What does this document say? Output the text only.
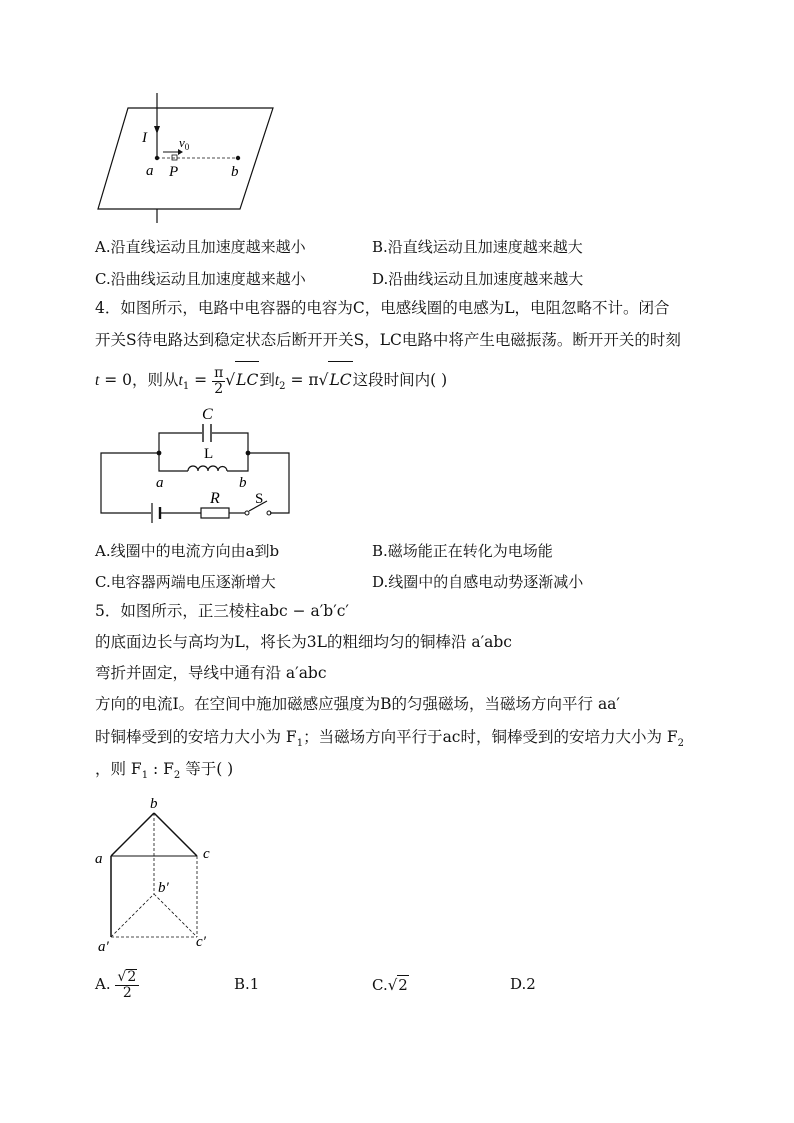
I $v_0$
a P	b
A.沿直线运动且加速度越来越小	B.沿直线运动且加速度越来越大
C.沿曲线运动且加速度越来越小	D.沿曲线运动且加速度越来越大
4．如图所示，电路中电容器的电容为C，电感线圈的电感为L，电阻忽略不计。闭合
开关S待电路达到稳定状态后断开开关S，LC电路中将产生电磁振荡。断开开关的时刻
t = 0，则从$t_1 = \frac{\pi}{2} √LC$到$t_2 = \pi√LC$这段时间内( )
C
L
a	b
R S
A.线圈中的电流方向由a到b	B.磁场能正在转化为电场能
C.电容器两端电压逐渐增大	D.线圈中的自感电动势逐渐减小
5．如图所示，正三棱柱abc − a′b′c′
的底面边长与高均为L，将长为3L的粗细均匀的铜棒沿 a′abc
弯折并固定，导线中通有沿 a′abc
方向的电流I。在空间中施加磁感应强度为B的匀强磁场，当磁场方向平行 aa′
时铜棒受到的安培力大小为 $F_1$；当磁场方向平行于ac时，铜棒受到的安培力大小为 $F_2$
，则 $F_1$ : $F_2$ 等于( )
b
a	c
b′
a′	c′
A. $\frac{√2}{2}$	B.1	C.√2	D.2
